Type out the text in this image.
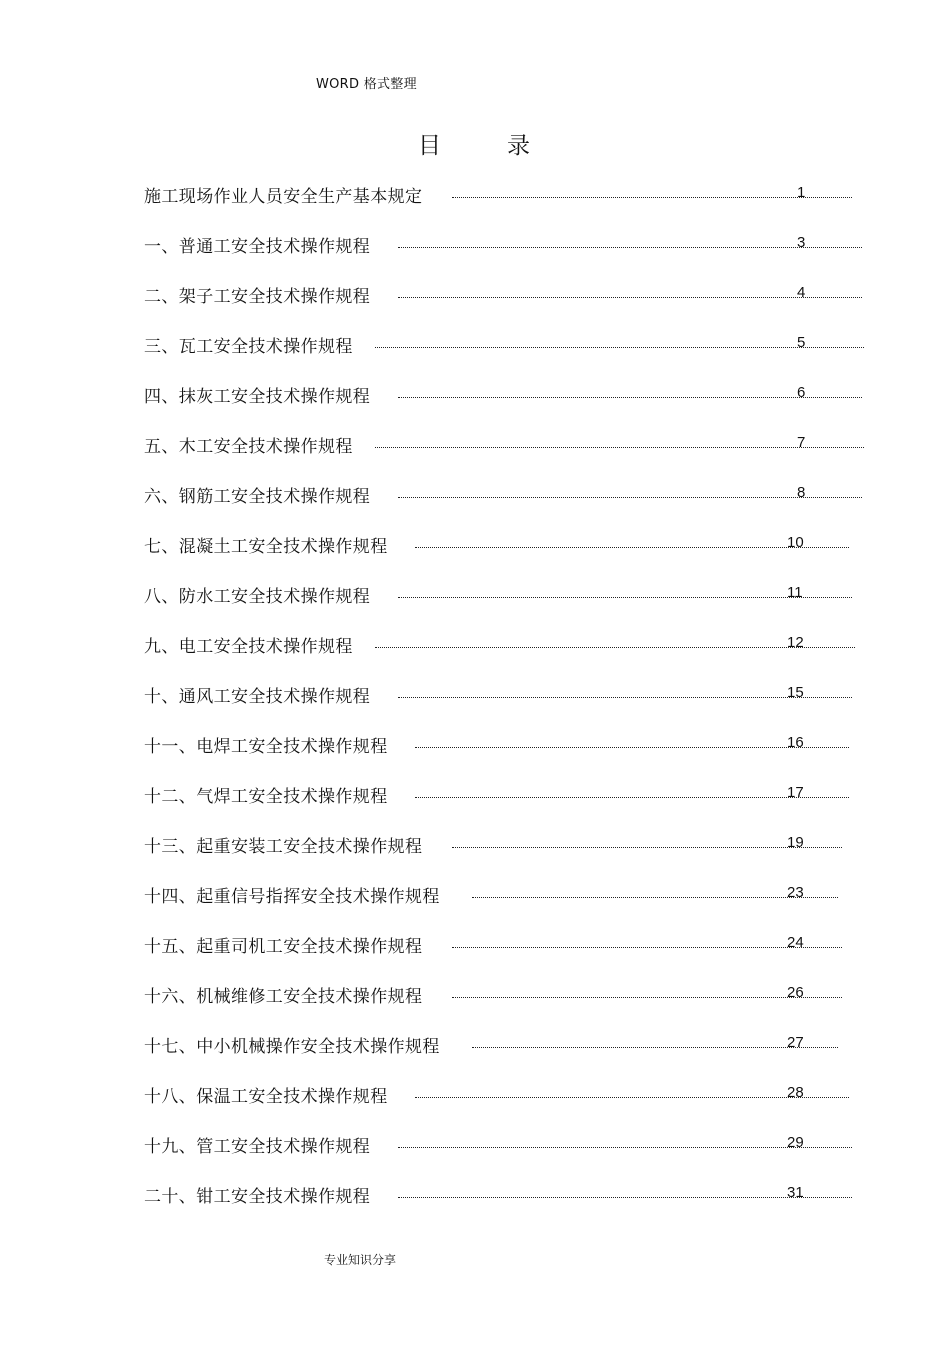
WORD 格式整理
目	录
施工现场作业人员安全生产基本规定	1
一、普通工安全技术操作规程	3
二、架子工安全技术操作规程	4
三、瓦工安全技术操作规程	5
四、抹灰工安全技术操作规程	6
五、木工安全技术操作规程	7
六、钢筋工安全技术操作规程	8
七、混凝土工安全技术操作规程	10
八、防水工安全技术操作规程	11
九、电工安全技术操作规程	12
十、通风工安全技术操作规程	15
十一、电焊工安全技术操作规程	16
十二、气焊工安全技术操作规程	17
十三、起重安装工安全技术操作规程	19
十四、起重信号指挥安全技术操作规程	23
十五、起重司机工安全技术操作规程	24
十六、机械维修工安全技术操作规程	26
十七、中小机械操作安全技术操作规程	27
十八、保温工安全技术操作规程	28
十九、管工安全技术操作规程	29
二十、钳工安全技术操作规程	31
专业知识分享
